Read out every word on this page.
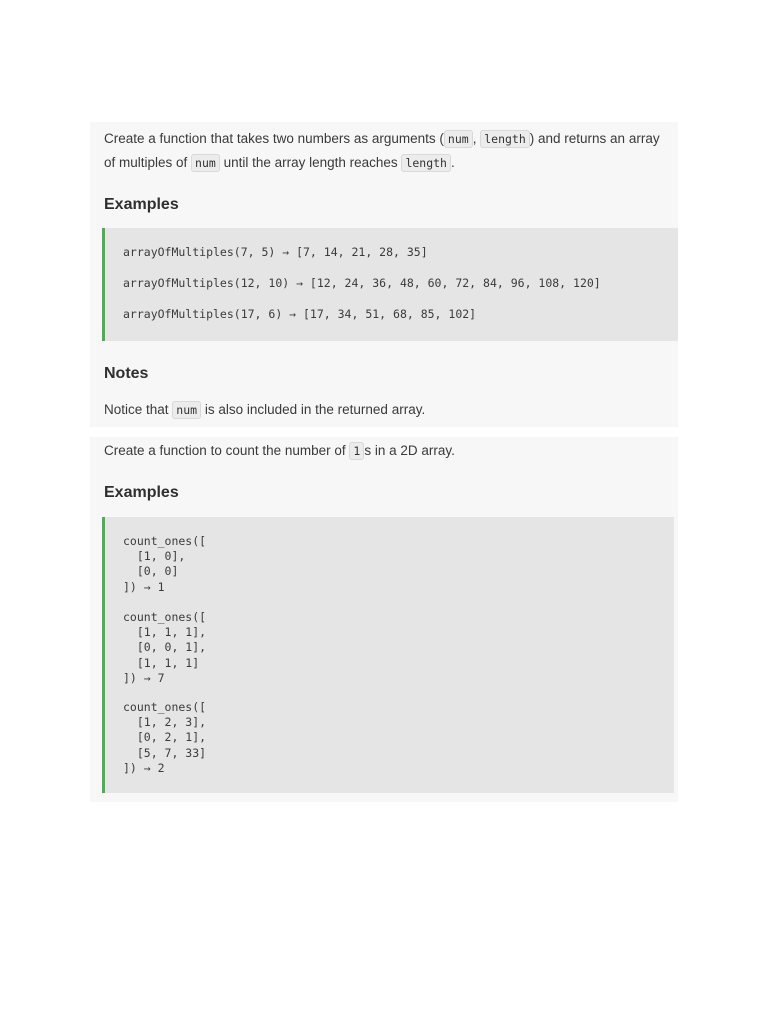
Create a function that takes two numbers as arguments ( num , length ) and returns an array
of multiples of num until the array length reaches length .
Examples
arrayOfMultiples(7, 5) → [7, 14, 21, 28, 35]
arrayOfMultiples(12, 10) → [12, 24, 36, 48, 60, 72, 84, 96, 108, 120]
arrayOfMultiples(17, 6) → [17, 34, 51, 68, 85, 102]
Notes
Notice that num is also included in the returned array.
Create a function to count the number of 1 s in a 2D array.
Examples
count_ones([
[1, 0],
[0, 0]
]) → 1
count_ones([
[1, 1, 1],
[0, 0, 1],
[1, 1, 1]
]) → 7
count_ones([
[1, 2, 3],
[0, 2, 1],
[5, 7, 33]
]) → 2
